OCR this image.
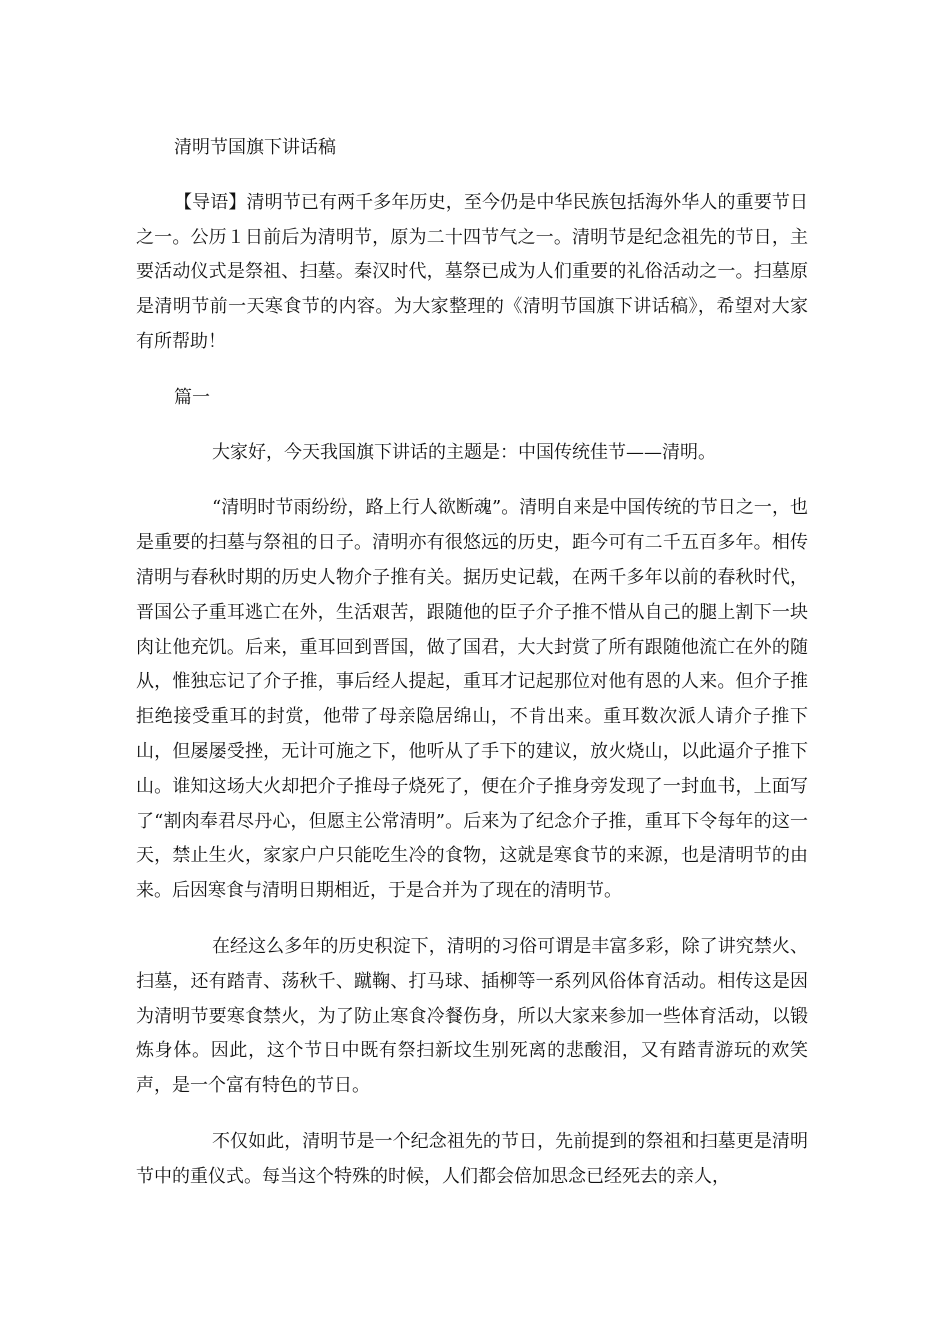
清明节国旗下讲话稿

【导语】清明节已有两千多年历史，至今仍是中华民族包括海外华人的重要节日之一。公历１日前后为清明节，原为二十四节气之一。清明节是纪念祖先的节日，主要活动仪式是祭祖、扫墓。秦汉时代，墓祭已成为人们重要的礼俗活动之一。扫墓原是清明节前一天寒食节的内容。为大家整理的《清明节国旗下讲话稿》，希望对大家有所帮助！

篇一

大家好，今天我国旗下讲话的主题是：中国传统佳节——清明。

“清明时节雨纷纷，路上行人欲断魂”。清明自来是中国传统的节日之一，也是重要的扫墓与祭祖的日子。清明亦有很悠远的历史，距今可有二千五百多年。相传清明与春秋时期的历史人物介子推有关。据历史记载，在两千多年以前的春秋时代，晋国公子重耳逃亡在外，生活艰苦，跟随他的臣子介子推不惜从自己的腿上割下一块肉让他充饥。后来，重耳回到晋国，做了国君，大大封赏了所有跟随他流亡在外的随从，惟独忘记了介子推，事后经人提起，重耳才记起那位对他有恩的人来。但介子推拒绝接受重耳的封赏，他带了母亲隐居绵山，不肯出来。重耳数次派人请介子推下山，但屡屡受挫，无计可施之下，他听从了手下的建议，放火烧山，以此逼介子推下山。谁知这场大火却把介子推母子烧死了，便在介子推身旁发现了一封血书，上面写了“割肉奉君尽丹心，但愿主公常清明”。后来为了纪念介子推，重耳下令每年的这一天，禁止生火，家家户户只能吃生冷的食物，这就是寒食节的来源，也是清明节的由来。后因寒食与清明日期相近，于是合并为了现在的清明节。

在经这么多年的历史积淀下，清明的习俗可谓是丰富多彩，除了讲究禁火、扫墓，还有踏青、荡秋千、蹴鞠、打马球、插柳等一系列风俗体育活动。相传这是因为清明节要寒食禁火，为了防止寒食冷餐伤身，所以大家来参加一些体育活动，以锻炼身体。因此，这个节日中既有祭扫新坟生别死离的悲酸泪，又有踏青游玩的欢笑声，是一个富有特色的节日。

不仅如此，清明节是一个纪念祖先的节日，先前提到的祭祖和扫墓更是清明节中的重仪式。每当这个特殊的时候，人们都会倍加思念已经死去的亲人，
